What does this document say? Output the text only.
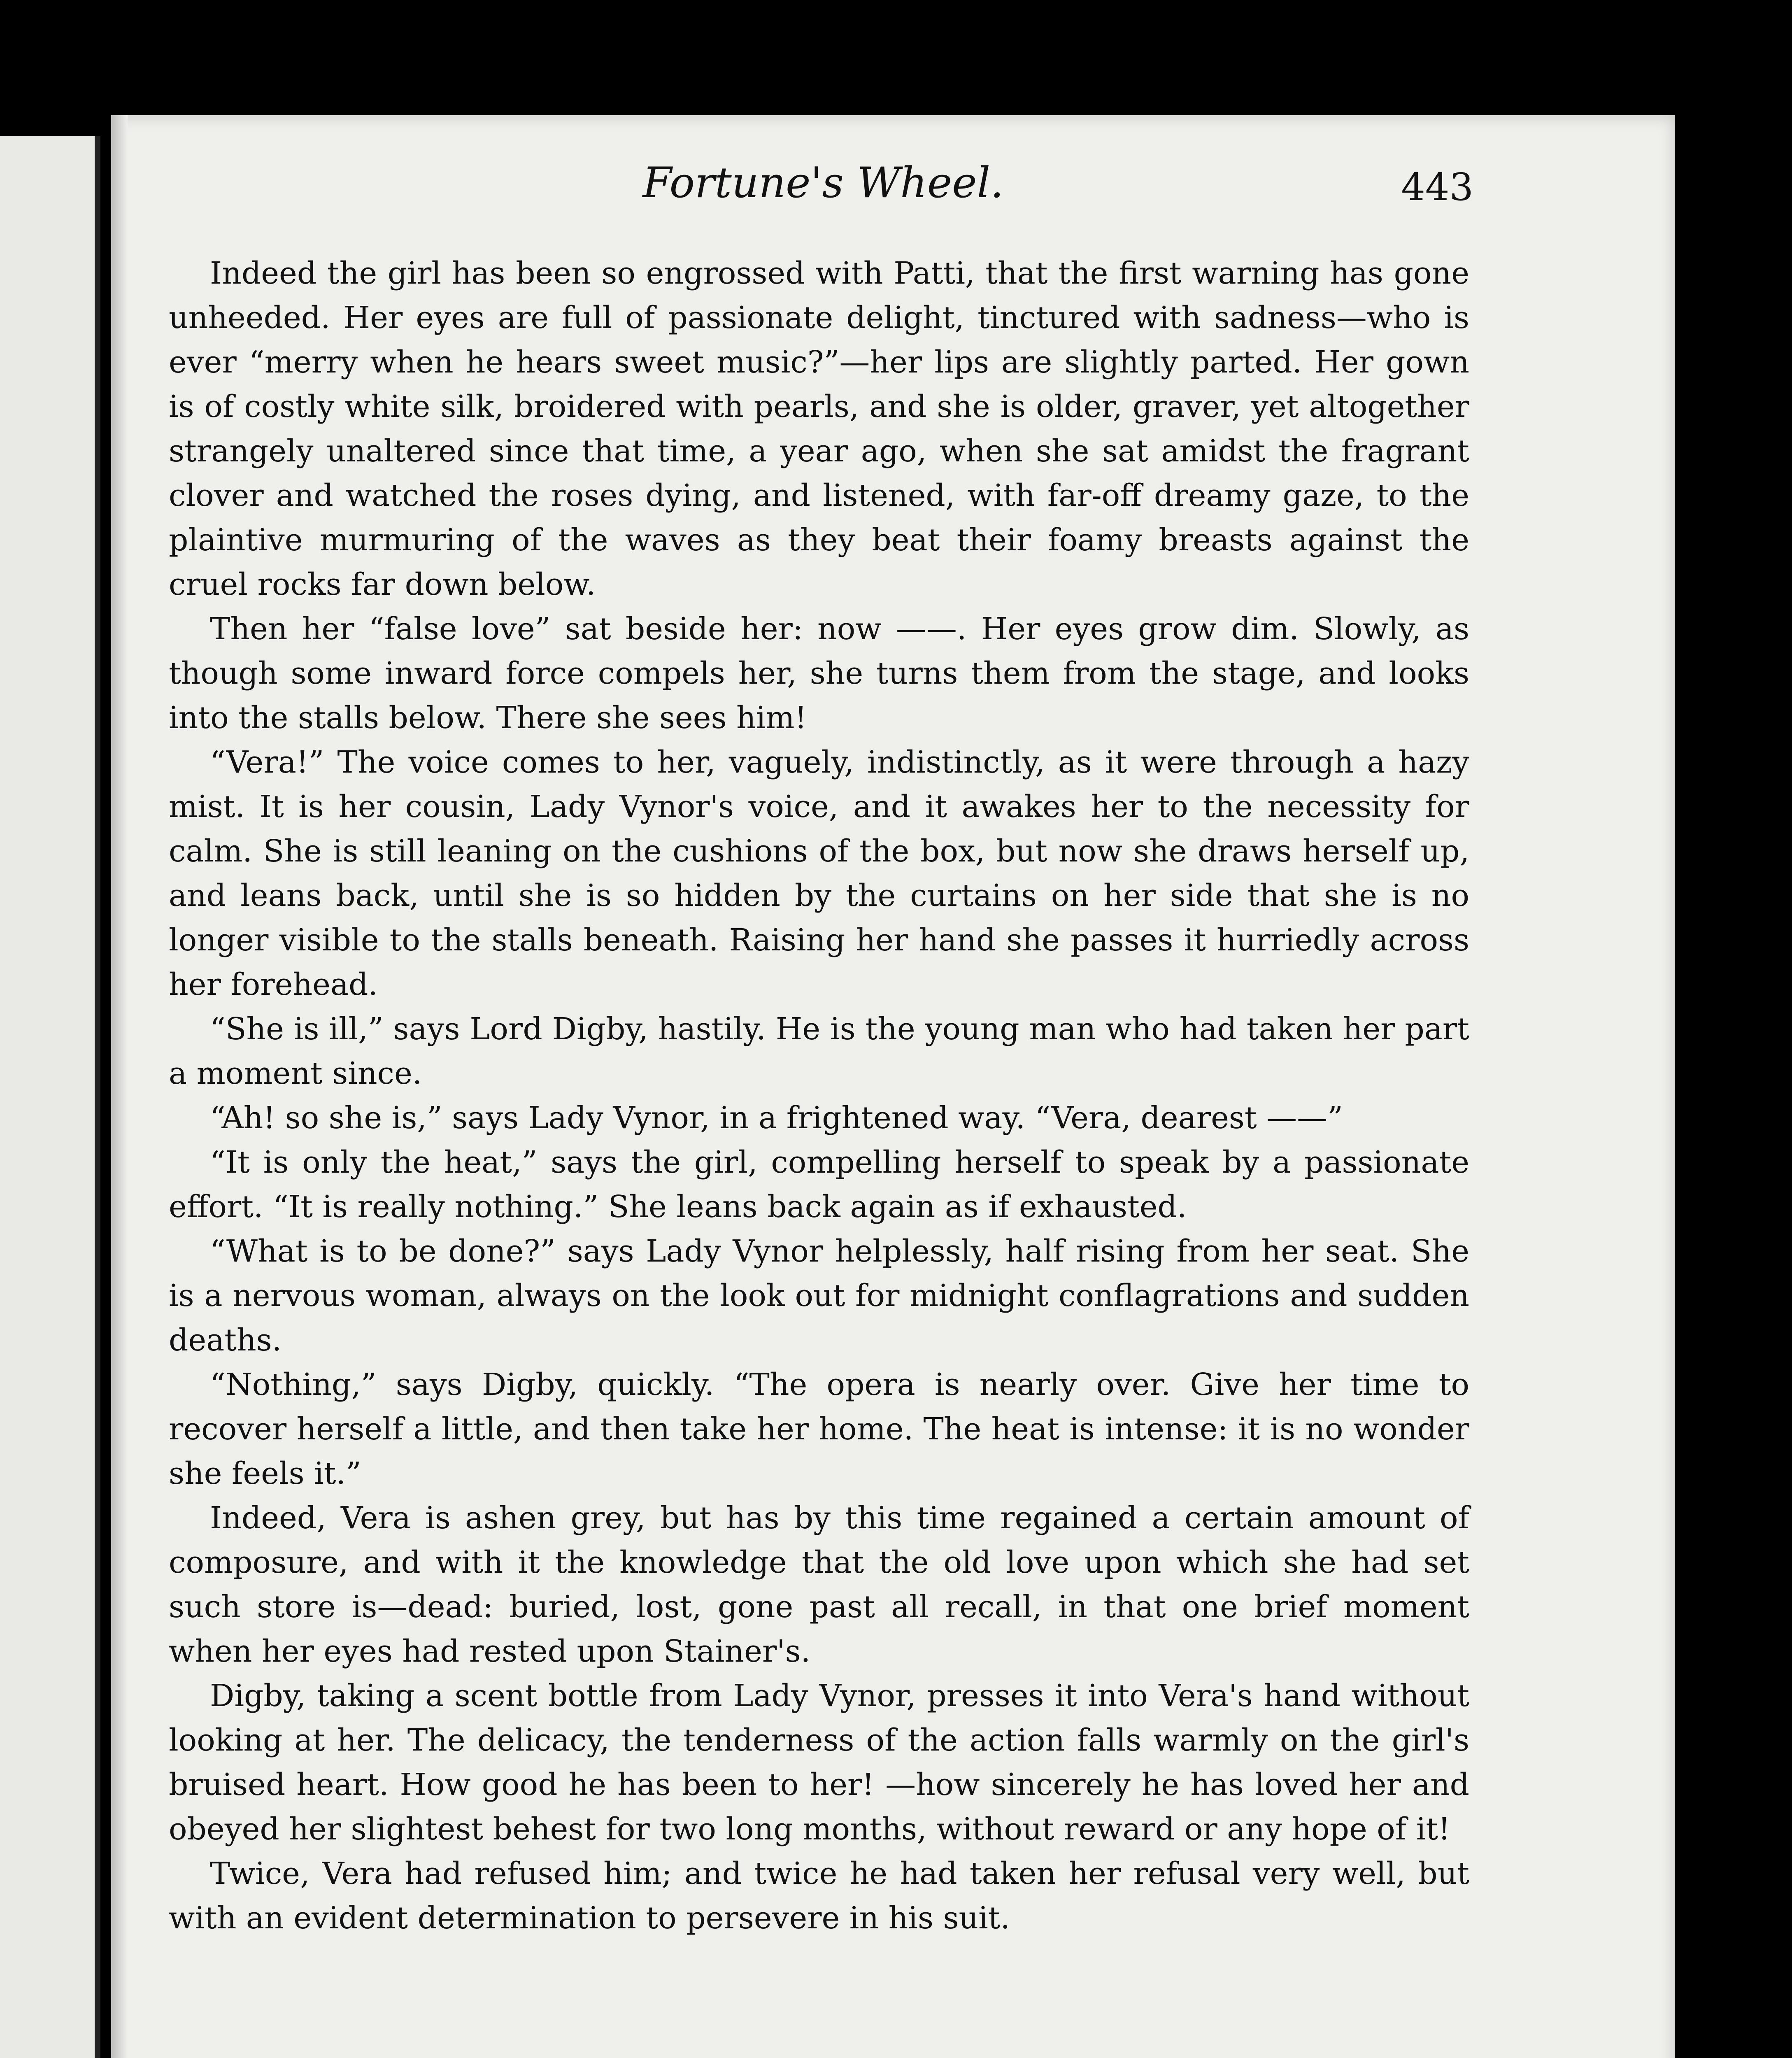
Fortune's Wheel.	443

Indeed the girl has been so engrossed with Patti, that the first warning has gone unheeded. Her eyes are full of passionate delight, tinctured with sadness—who is ever “merry when he hears sweet music?”—her lips are slightly parted. Her gown is of costly white silk, broidered with pearls, and she is older, graver, yet altogether strangely unaltered since that time, a year ago, when she sat amidst the fragrant clover and watched the roses dying, and listened, with far-off dreamy gaze, to the plaintive murmuring of the waves as they beat their foamy breasts against the cruel rocks far down below.

Then her “false love” sat beside her: now ——. Her eyes grow dim. Slowly, as though some inward force compels her, she turns them from the stage, and looks into the stalls below. There she sees him!

“Vera!” The voice comes to her, vaguely, indistinctly, as it were through a hazy mist. It is her cousin, Lady Vynor's voice, and it awakes her to the necessity for calm. She is still leaning on the cushions of the box, but now she draws herself up, and leans back, until she is so hidden by the curtains on her side that she is no longer visible to the stalls beneath. Raising her hand she passes it hurriedly across her forehead.

“She is ill,” says Lord Digby, hastily. He is the young man who had taken her part a moment since.

“Ah! so she is,” says Lady Vynor, in a frightened way. “Vera, dearest ——”

“It is only the heat,” says the girl, compelling herself to speak by a passionate effort. “It is really nothing.” She leans back again as if exhausted.

“What is to be done?” says Lady Vynor helplessly, half rising from her seat. She is a nervous woman, always on the look out for midnight conflagrations and sudden deaths.

“Nothing,” says Digby, quickly. “The opera is nearly over. Give her time to recover herself a little, and then take her home. The heat is intense: it is no wonder she feels it.”

Indeed, Vera is ashen grey, but has by this time regained a certain amount of composure, and with it the knowledge that the old love upon which she had set such store is—dead: buried, lost, gone past all recall, in that one brief moment when her eyes had rested upon Stainer's.

Digby, taking a scent bottle from Lady Vynor, presses it into Vera's hand without looking at her. The delicacy, the tenderness of the action falls warmly on the girl's bruised heart. How good he has been to her! —how sincerely he has loved her and obeyed her slightest behest for two long months, without reward or any hope of it!

Twice, Vera had refused him; and twice he had taken her refusal very well, but with an evident determination to persevere in his suit.
